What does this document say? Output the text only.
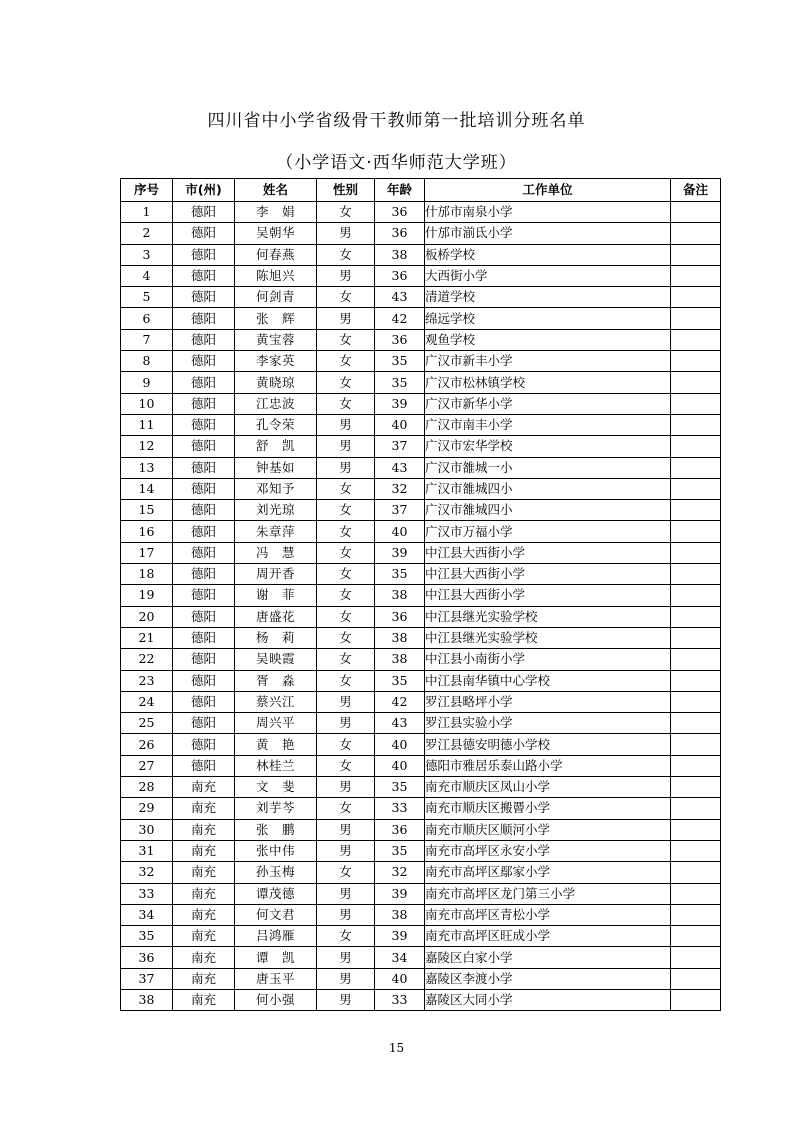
四川省中小学省级骨干教师第一批培训分班名单
（小学语文·西华师范大学班）
序号	市(州)	姓名	性别	年龄	工作单位	备注
1	德阳	李　娟	女	36	什邡市南泉小学	
2	德阳	吴朝华	男	36	什邡市湔氐小学	
3	德阳	何春燕	女	38	板桥学校	
4	德阳	陈旭兴	男	36	大西街小学	
5	德阳	何剑青	女	43	清道学校	
6	德阳	张　辉	男	42	绵远学校	
7	德阳	黄宝蓉	女	36	观鱼学校	
8	德阳	李家英	女	35	广汉市新丰小学	
9	德阳	黄晓琼	女	35	广汉市松林镇学校	
10	德阳	江忠波	女	39	广汉市新华小学	
11	德阳	孔令荣	男	40	广汉市南丰小学	
12	德阳	舒　凯	男	37	广汉市宏华学校	
13	德阳	钟基如	男	43	广汉市雒城一小	
14	德阳	邓知予	女	32	广汉市雒城四小	
15	德阳	刘光琼	女	37	广汉市雒城四小	
16	德阳	朱章萍	女	40	广汉市万福小学	
17	德阳	冯　慧	女	39	中江县大西街小学	
18	德阳	周开香	女	35	中江县大西街小学	
19	德阳	谢　菲	女	38	中江县大西街小学	
20	德阳	唐盛花	女	36	中江县继光实验学校	
21	德阳	杨　莉	女	38	中江县继光实验学校	
22	德阳	吴映霞	女	38	中江县小南街小学	
23	德阳	胥　淼	女	35	中江县南华镇中心学校	
24	德阳	蔡兴江	男	42	罗江县略坪小学	
25	德阳	周兴平	男	43	罗江县实验小学	
26	德阳	黄　艳	女	40	罗江县德安明德小学校	
27	德阳	林桂兰	女	40	德阳市雅居乐泰山路小学	
28	南充	文　斐	男	35	南充市顺庆区凤山小学	
29	南充	刘芋芩	女	33	南充市顺庆区搬罾小学	
30	南充	张　鹏	男	36	南充市顺庆区顺河小学	
31	南充	张中伟	男	35	南充市高坪区永安小学	
32	南充	孙玉梅	女	32	南充市高坪区鄢家小学	
33	南充	谭茂德	男	39	南充市高坪区龙门第三小学	
34	南充	何文君	男	38	南充市高坪区青松小学	
35	南充	吕鸿雁	女	39	南充市高坪区旺成小学	
36	南充	谭　凯	男	34	嘉陵区白家小学	
37	南充	唐玉平	男	40	嘉陵区李渡小学	
38	南充	何小强	男	33	嘉陵区大同小学	
15
